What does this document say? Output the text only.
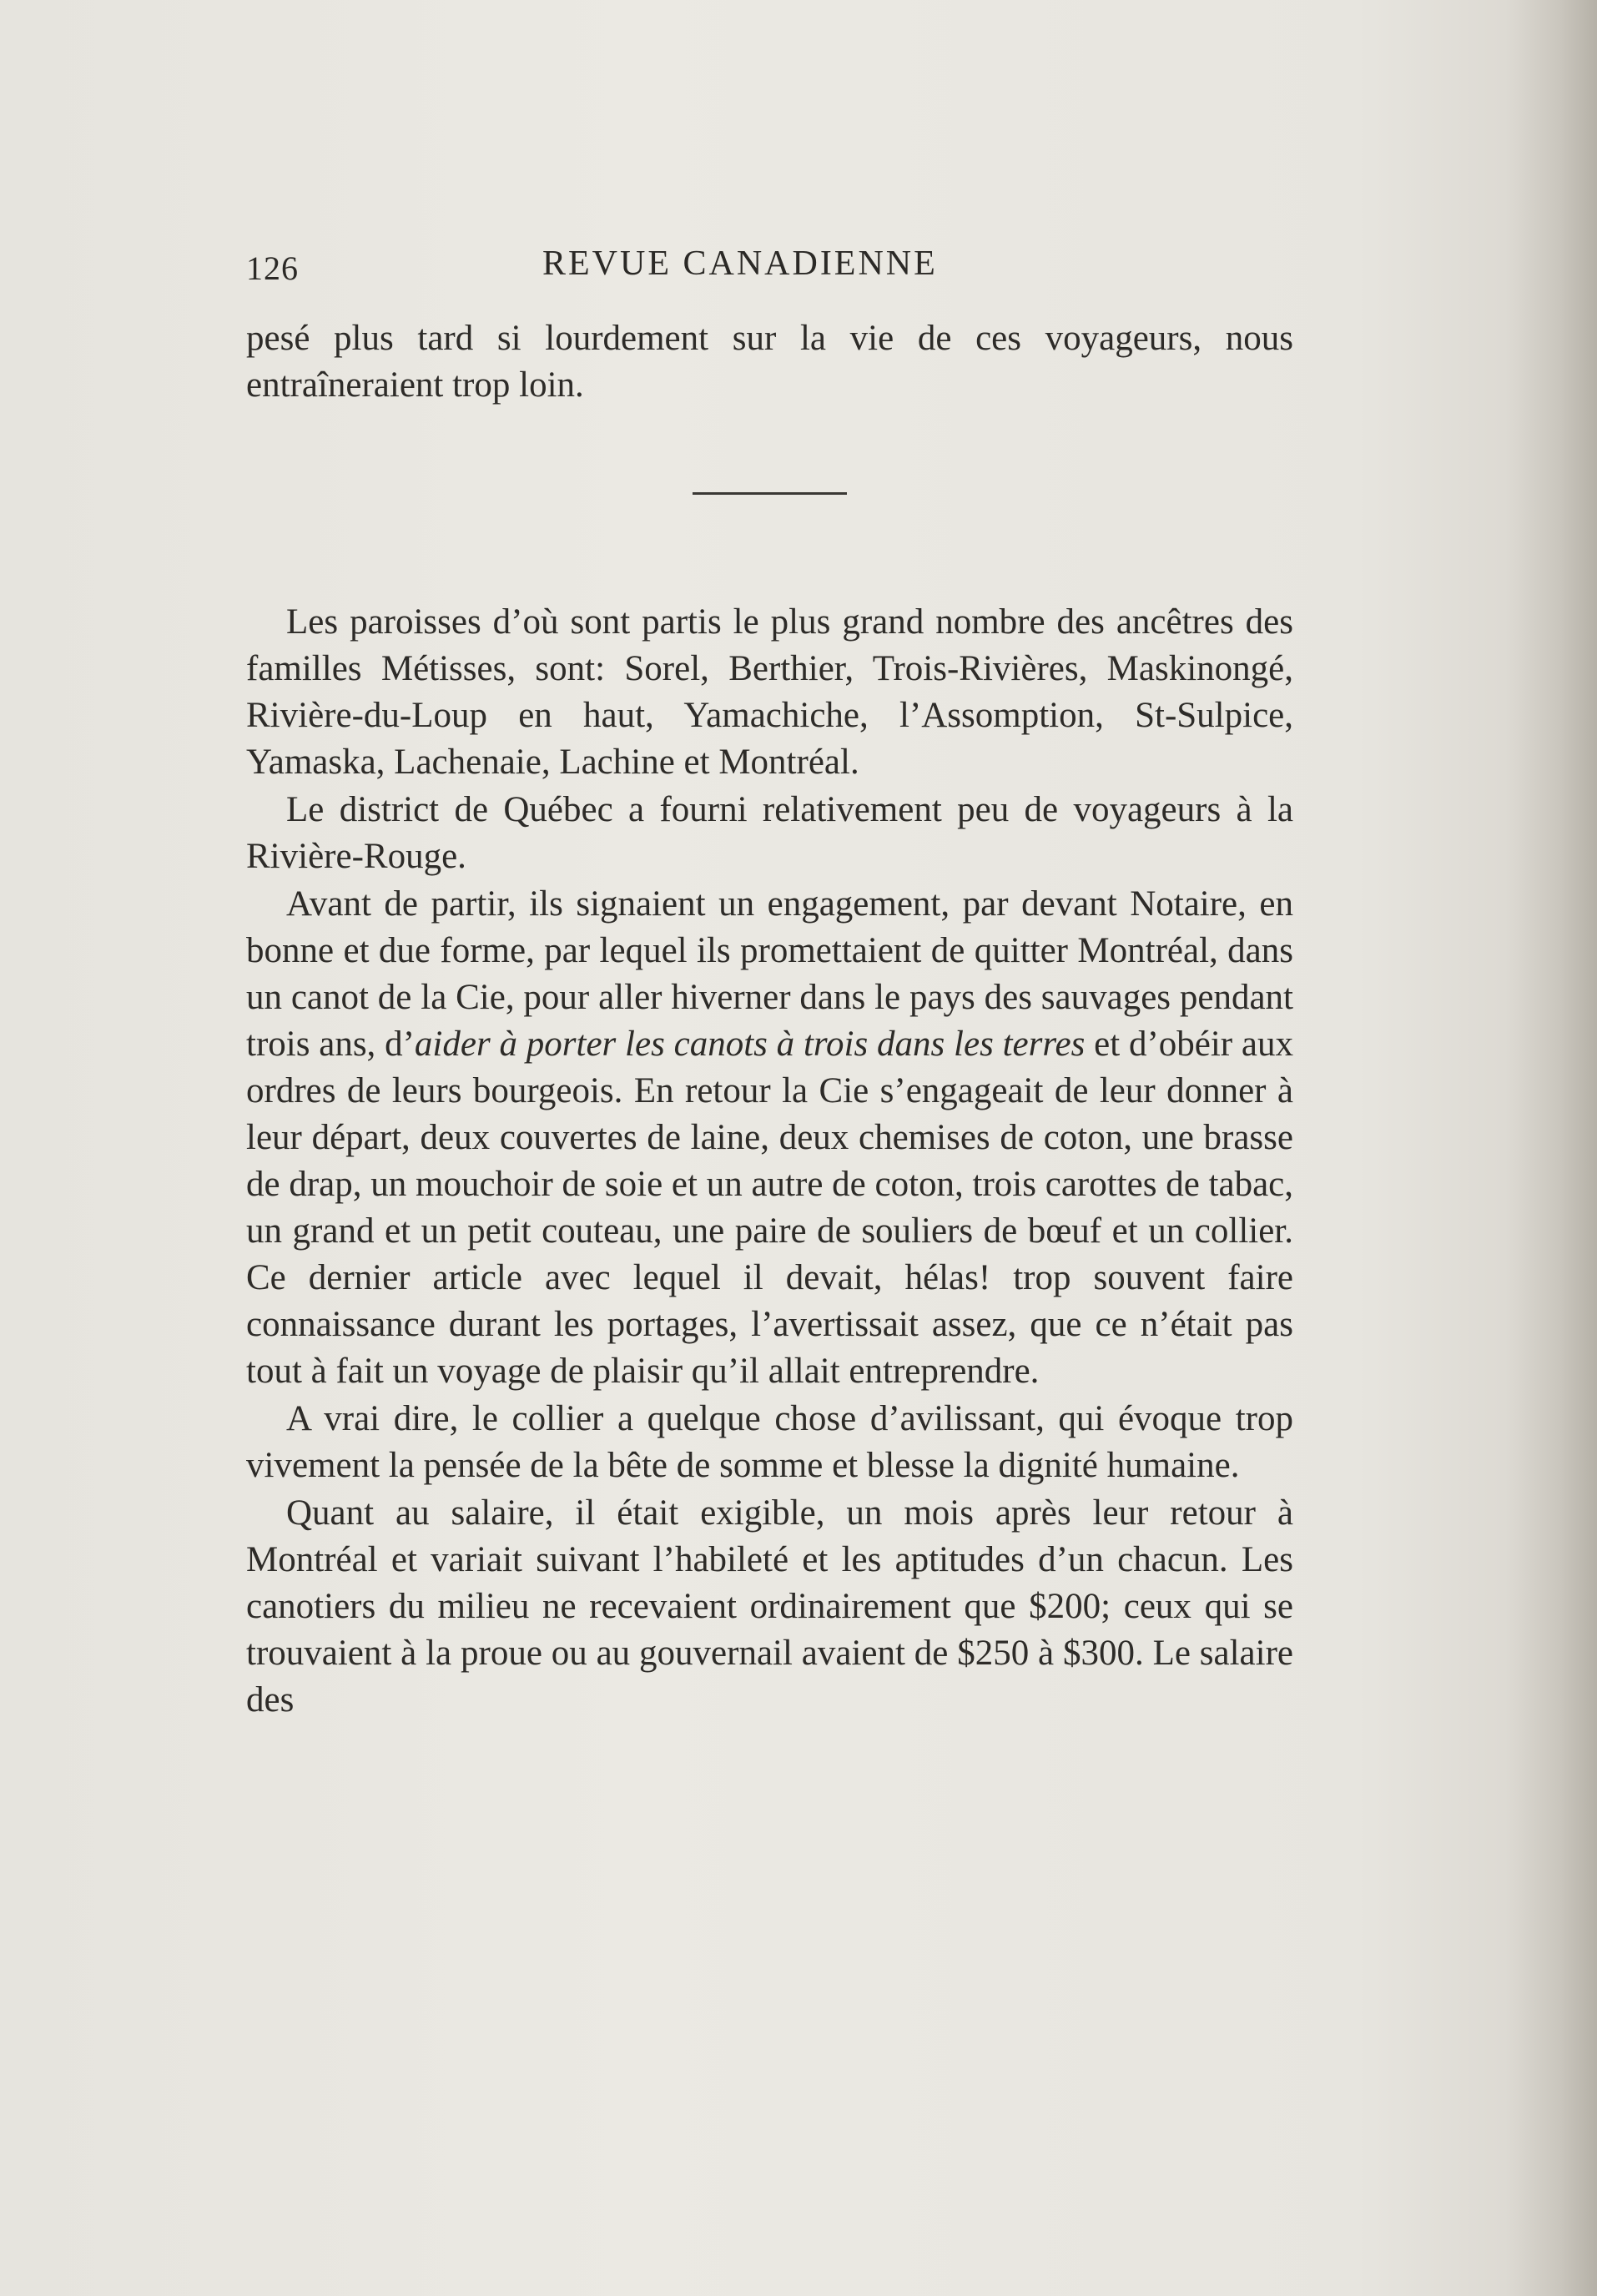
126	REVUE CANADIENNE

pesé plus tard si lourdement sur la vie de ces voyageurs, nous entraîneraient trop loin.

Les paroisses d’où sont partis le plus grand nombre des ancêtres des familles Métisses, sont: Sorel, Berthier, Trois-Rivières, Maskinongé, Rivière-du-Loup en haut, Yamachiche, l’Assomption, St-Sulpice, Yamaska, Lachenaie, Lachine et Montréal.

Le district de Québec a fourni relativement peu de voyageurs à la Rivière-Rouge.

Avant de partir, ils signaient un engagement, par devant Notaire, en bonne et due forme, par lequel ils promettaient de quitter Montréal, dans un canot de la Cie, pour aller hiverner dans le pays des sauvages pendant trois ans, d’aider à porter les canots à trois dans les terres et d’obéir aux ordres de leurs bourgeois. En retour la Cie s’engageait de leur donner à leur départ, deux couvertes de laine, deux chemises de coton, une brasse de drap, un mouchoir de soie et un autre de coton, trois carottes de tabac, un grand et un petit couteau, une paire de souliers de bœuf et un collier. Ce dernier article avec lequel il devait, hélas! trop souvent faire connaissance durant les portages, l’avertissait assez, que ce n’était pas tout à fait un voyage de plaisir qu’il allait entreprendre.

A vrai dire, le collier a quelque chose d’avilissant, qui évoque trop vivement la pensée de la bête de somme et blesse la dignité humaine.

Quant au salaire, il était exigible, un mois après leur retour à Montréal et variait suivant l’habileté et les aptitudes d’un chacun. Les canotiers du milieu ne recevaient ordinairement que $200; ceux qui se trouvaient à la proue ou au gouvernail avaient de $250 à $300. Le salaire des
